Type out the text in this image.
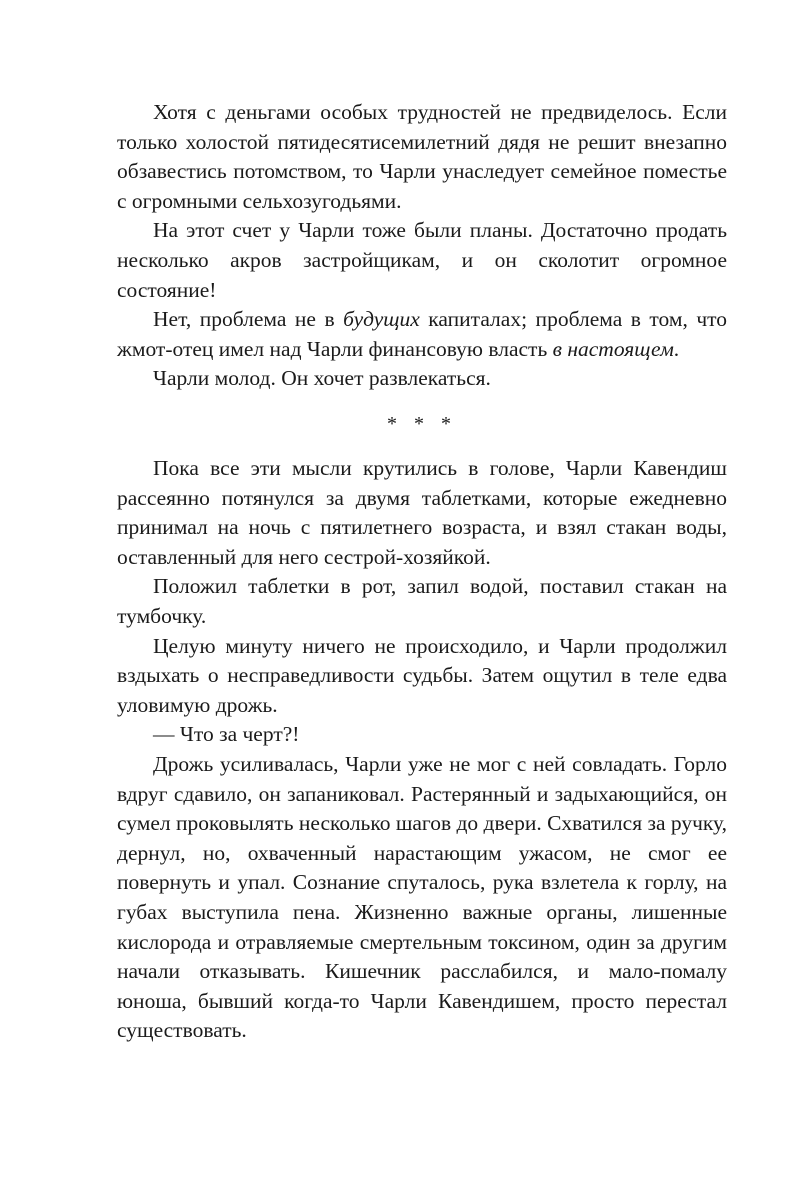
Хотя с деньгами особых трудностей не предвиделось. Если только холостой пятидесятисемилетний дядя не решит внезапно обзавестись потомством, то Чарли унаследует семейное поместье с огромными сельхозугодьями.

На этот счет у Чарли тоже были планы. Достаточно продать несколько акров застройщикам, и он сколотит огромное состояние!

Нет, проблема не в будущих капиталах; проблема в том, что жмот-отец имел над Чарли финансовую власть в настоящем.

Чарли молод. Он хочет развлекаться.

* * *

Пока все эти мысли крутились в голове, Чарли Кавендиш рассеянно потянулся за двумя таблетками, которые ежедневно принимал на ночь с пятилетнего возраста, и взял стакан воды, оставленный для него сестрой-хозяйкой.

Положил таблетки в рот, запил водой, поставил стакан на тумбочку.

Целую минуту ничего не происходило, и Чарли продолжил вздыхать о несправедливости судьбы. Затем ощутил в теле едва уловимую дрожь.

— Что за черт?!

Дрожь усиливалась, Чарли уже не мог с ней совладать. Горло вдруг сдавило, он запаниковал. Растерянный и задыхающийся, он сумел проковылять несколько шагов до двери. Схватился за ручку, дернул, но, охваченный нарастающим ужасом, не смог ее повернуть и упал. Сознание спуталось, рука взлетела к горлу, на губах выступила пена. Жизненно важные органы, лишенные кислорода и отравляемые смертельным токсином, один за другим начали отказывать. Кишечник расслабился, и мало-помалу юноша, бывший когда-то Чарли Кавендишем, просто перестал существовать.
